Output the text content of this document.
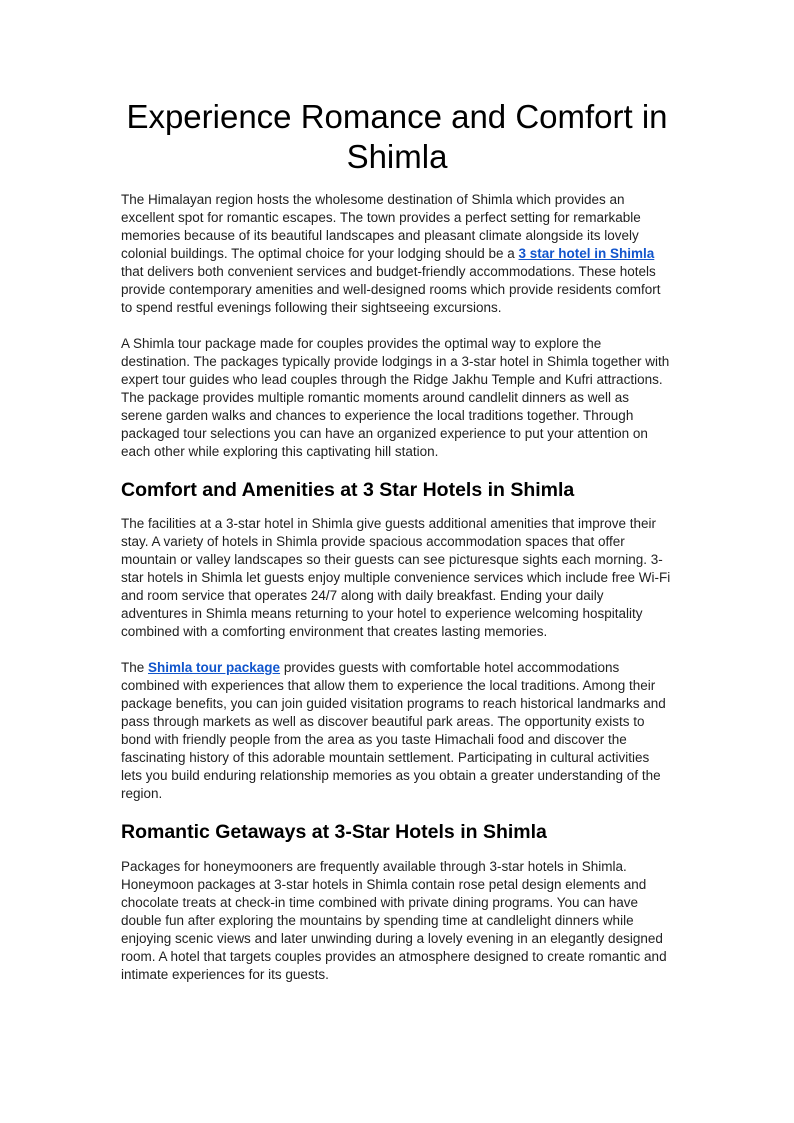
Experience Romance and Comfort in Shimla

The Himalayan region hosts the wholesome destination of Shimla which provides an excellent spot for romantic escapes. The town provides a perfect setting for remarkable memories because of its beautiful landscapes and pleasant climate alongside its lovely colonial buildings. The optimal choice for your lodging should be a 3 star hotel in Shimla that delivers both convenient services and budget-friendly accommodations. These hotels provide contemporary amenities and well-designed rooms which provide residents comfort to spend restful evenings following their sightseeing excursions.

A Shimla tour package made for couples provides the optimal way to explore the destination. The packages typically provide lodgings in a 3-star hotel in Shimla together with expert tour guides who lead couples through the Ridge Jakhu Temple and Kufri attractions. The package provides multiple romantic moments around candlelit dinners as well as serene garden walks and chances to experience the local traditions together. Through packaged tour selections you can have an organized experience to put your attention on each other while exploring this captivating hill station.

Comfort and Amenities at 3 Star Hotels in Shimla

The facilities at a 3-star hotel in Shimla give guests additional amenities that improve their stay. A variety of hotels in Shimla provide spacious accommodation spaces that offer mountain or valley landscapes so their guests can see picturesque sights each morning. 3-star hotels in Shimla let guests enjoy multiple convenience services which include free Wi-Fi and room service that operates 24/7 along with daily breakfast. Ending your daily adventures in Shimla means returning to your hotel to experience welcoming hospitality combined with a comforting environment that creates lasting memories.

The Shimla tour package provides guests with comfortable hotel accommodations combined with experiences that allow them to experience the local traditions. Among their package benefits, you can join guided visitation programs to reach historical landmarks and pass through markets as well as discover beautiful park areas. The opportunity exists to bond with friendly people from the area as you taste Himachali food and discover the fascinating history of this adorable mountain settlement. Participating in cultural activities lets you build enduring relationship memories as you obtain a greater understanding of the region.

Romantic Getaways at 3-Star Hotels in Shimla

Packages for honeymooners are frequently available through 3-star hotels in Shimla. Honeymoon packages at 3-star hotels in Shimla contain rose petal design elements and chocolate treats at check-in time combined with private dining programs. You can have double fun after exploring the mountains by spending time at candlelight dinners while enjoying scenic views and later unwinding during a lovely evening in an elegantly designed room. A hotel that targets couples provides an atmosphere designed to create romantic and intimate experiences for its guests.
